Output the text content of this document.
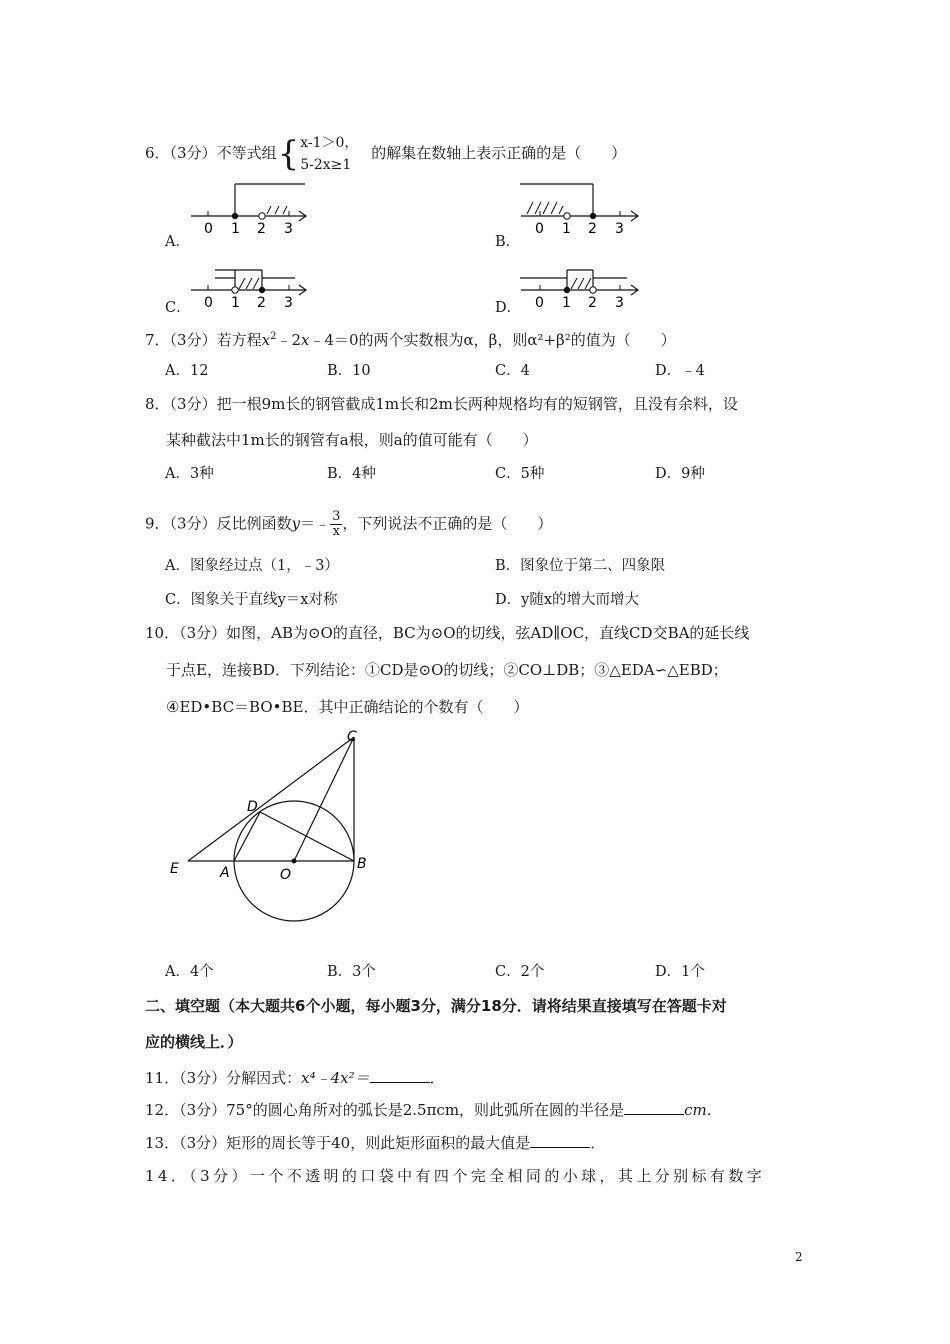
6．（3分）不等式组{x-1＞0，
5-2x≥1 的解集在数轴上表示正确的是（　　）
A．
0 1 2 3
B．
0 1 2 3
C． 0 1 2 3	D． 0 1 2 3
7．（3分）若方程$x^2﹣2x﹣4=0$的两个实数根为α，β，则α²+β²的值为（　　）
A．12	B．10	C．4	D．﹣4
8．（3分）把一根9m长的钢管截成1m长和2m长两种规格均有的短钢管，且没有余料，设
某种截法中1m长的钢管有a根，则a的值可能有（　　）
A．3种	B．4种	C．5种	D．9种
9．（3分）反比例函数y＝﹣ $\frac{3}{x}$ ，下列说法不正确的是（　　）
A．图象经过点（1，﹣3）	B．图象位于第二、四象限
C．图象关于直线y＝x对称	D．y随x的增大而增大
10．（3分）如图，AB为⊙O的直径，BC为⊙O的切线，弦AD∥OC，直线CD交BA的延长线
于点E，连接BD．下列结论：①CD是⊙O的切线；②CO⊥DB；③△EDA∽△EBD；
④ED•BC＝BO•BE．其中正确结论的个数有（　　）
C
D
E	A	O
B
A．4个	B．3个	C．2个	D．1个
二、填空题（本大题共6个小题，每小题3分，满分18分．请将结果直接填写在答题卡对
应的横线上．）
11．（3分）分解因式：x⁴﹣4x²＝	．
12．（3分）75°的圆心角所对的弧长是2.5πcm，则此弧所在圆的半径是	cm．
13．（3分）矩形的周长等于40，则此矩形面积的最大值是	．
14．（3分）一个不透明的口袋中有四个完全相同的小球，其上分别标有数字
2
